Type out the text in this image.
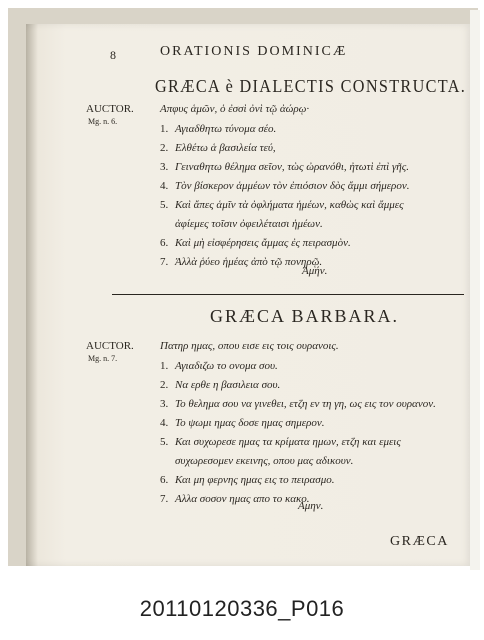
8	ORATIONIS DOMINICÆ
GRÆCA è DIALECTIS CONSTRUCTA.
AUCTOR.
Mg. n. 6.
Απφυς ἁμῶν, ὁ ἐσσὶ ὀνὶ τῷ ἀώρῳ·
1. Αγιαδθητω τύνομα σέο.
2. Ελθέτω ἁ βασιλεία τεύ,
3. Γειναθητω θέλημα σεῖον, τὼς ὠρανόθι, ἠτωτὶ ἐπὶ γῆς.
4. Τὸν βίσκερον ἁμμέων τὸν ἐπιόσιον δὸς ἄμμι σήμερον.
5. Καὶ ἄπες ἁμῖν τὰ ὀφλήματα ἡμέων, καθὼς καὶ ἄμμες
ἀφίεμες τοῖσιν ὀφειλέταισι ἡμέων.
6. Καὶ μὴ εἰσφέρησεις ἄμμας ἐς πειρασμὸν.
7. Ἀλλὰ ῥύεο ἡμέας ἀπὸ τῷ πονηρῷ.
Ἀμήν.
GRÆCA BARBARA.
AUCTOR.
Mg. n. 7.
Πατηρ ημας, οπου εισε εις τοις ουρανοις.
1. Αγιαδιζω το ονομα σου.
2. Να ερθε η βασιλεια σου.
3. Το θελημα σου να γινεθει, ετζη εν τη γη, ως εις τον ουρανον.
4. Το ψωμι ημας δοσε ημας σημερον.
5. Και συχωρεσε ημας τα κρίματα ημων, ετζη και εμεις
συχωρεσομεν εκεινης, οπου μας αδικουν.
6. Και μη φερνης ημας εις το πειρασμο.
7. Αλλα σοσον ημας απο το κακο.
Αμην.
GRÆCA
20110120336_P016
